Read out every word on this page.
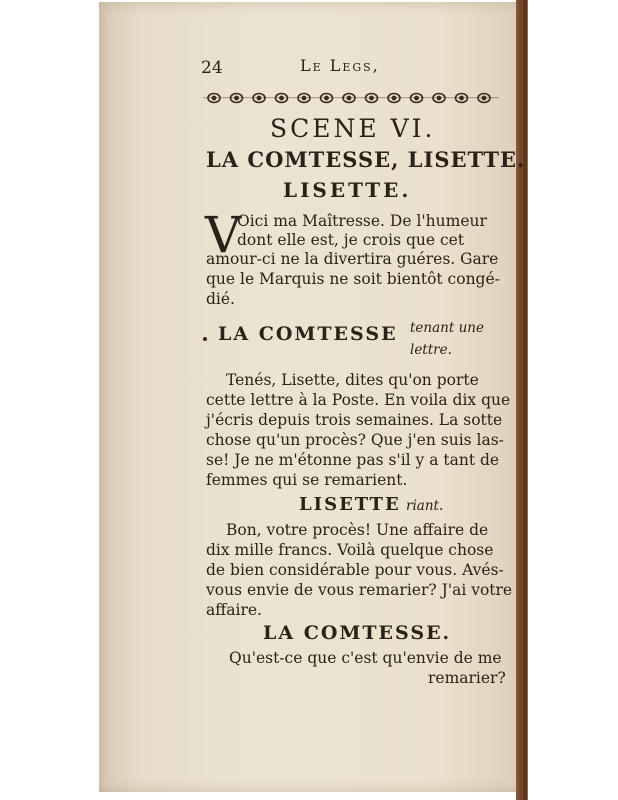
24	Le Legs,
SCENE VI.
LA COMTESSE, LISETTE.
LISETTE.
V
Oici ma Maîtresse. De l'humeur
dont elle est, je crois que cet
amour-ci ne la divertira guéres. Gare
que le Marquis ne soit bientôt congé-
dié.
LA COMTESSE tenant une
lettre.
Tenés, Lisette, dites qu'on porte
cette lettre à la Poste. En voila dix que
j'écris depuis trois semaines. La sotte
chose qu'un procès? Que j'en suis las-
se! Je ne m'étonne pas s'il y a tant de
femmes qui se remarient.
LISETTE riant.
Bon, votre procès! Une affaire de
dix mille francs. Voilà quelque chose
de bien considérable pour vous. Avés-
vous envie de vous remarier? J'ai votre
affaire.
LA COMTESSE.
Qu'est-ce que c'est qu'envie de me
remarier?
